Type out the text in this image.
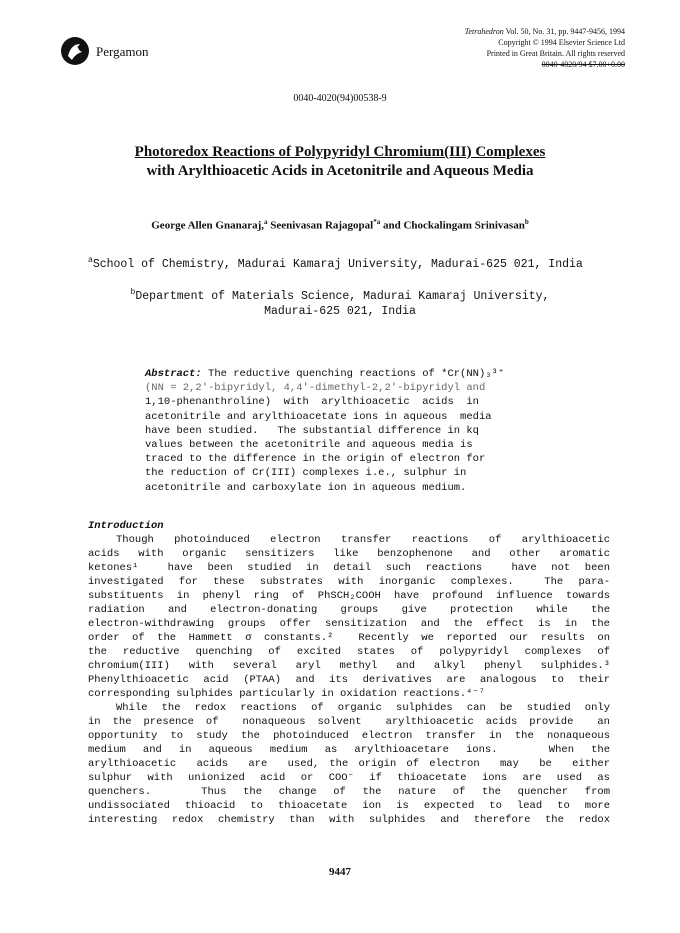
Pergamon
Tetrahedron Vol. 50, No. 31, pp. 9447-9456, 1994
Copyright © 1994 Elsevier Science Ltd
Printed in Great Britain. All rights reserved
0040-4020/94 $7.00+0.00
0040-4020(94)00538-9
Photoredox Reactions of Polypyridyl Chromium(III) Complexes
with Arylthioacetic Acids in Acetonitrile and Aqueous Media
George Allen Gnanaraj,$^a$ Seenivasan Rajagopal$^{*a}$ and Chockalingam Srinivasan$^b$
$^a$School of Chemistry, Madurai Kamaraj University, Madurai-625 021, India
$^b$Department of Materials Science, Madurai Kamaraj University,
Madurai-625 021, India
Abstract: The reductive quenching reactions of *Cr(NN)₃³⁺
(NN = 2,2′-bipyridyl, 4,4′-dimethyl-2,2′-bipyridyl and
1,10-phenanthroline)  with  arylthioacetic  acids  in
acetonitrile and arylthioacetate ions in aqueous  media
have been studied.   The substantial difference in kq
values between the acetonitrile and aqueous media is
traced to the difference in the origin of electron for
the reduction of Cr(III) complexes i.e., sulphur in
acetonitrile and carboxylate ion in aqueous medium.
Introduction
Though photoinduced electron transfer reactions of arylthioacetic
acids with organic sensitizers like benzophenone and other aromatic
ketones¹  have been studied in detail such reactions  have not been
investigated for these substrates with inorganic complexes.  The para-
substituents in phenyl ring of PhSCH₂COOH have profound influence towards
radiation and electron-donating groups give protection while the
electron-withdrawing groups offer sensitization and the effect is in the
order of the Hammett σ constants.²  Recently we reported our results on
the reductive quenching of excited states of polypyridyl complexes of
chromium(III) with several aryl methyl and alkyl phenyl sulphides.³
Phenylthioacetic acid (PTAA) and its derivatives are analogous to their
corresponding sulphides particularly in oxidation reactions.⁴⁻⁷
While the redox reactions of organic sulphides can be studied only
in the presence of  nonaqueous solvent  arylthioacetic acids provide  an
opportunity to study the photoinduced electron transfer in the nonaqueous
medium and in aqueous medium as arylthioacetare ions.   When the
arylthioacetic  acids  are  used, the origin of electron  may  be  either
sulphur with unionized acid or COO⁻ if thioacetate ions are used as
quenchers.   Thus the change of the nature of the quencher from
undissociated thioacid to thioacetate ion is expected to lead to more
interesting redox chemistry than with sulphides and therefore the redox
9447
